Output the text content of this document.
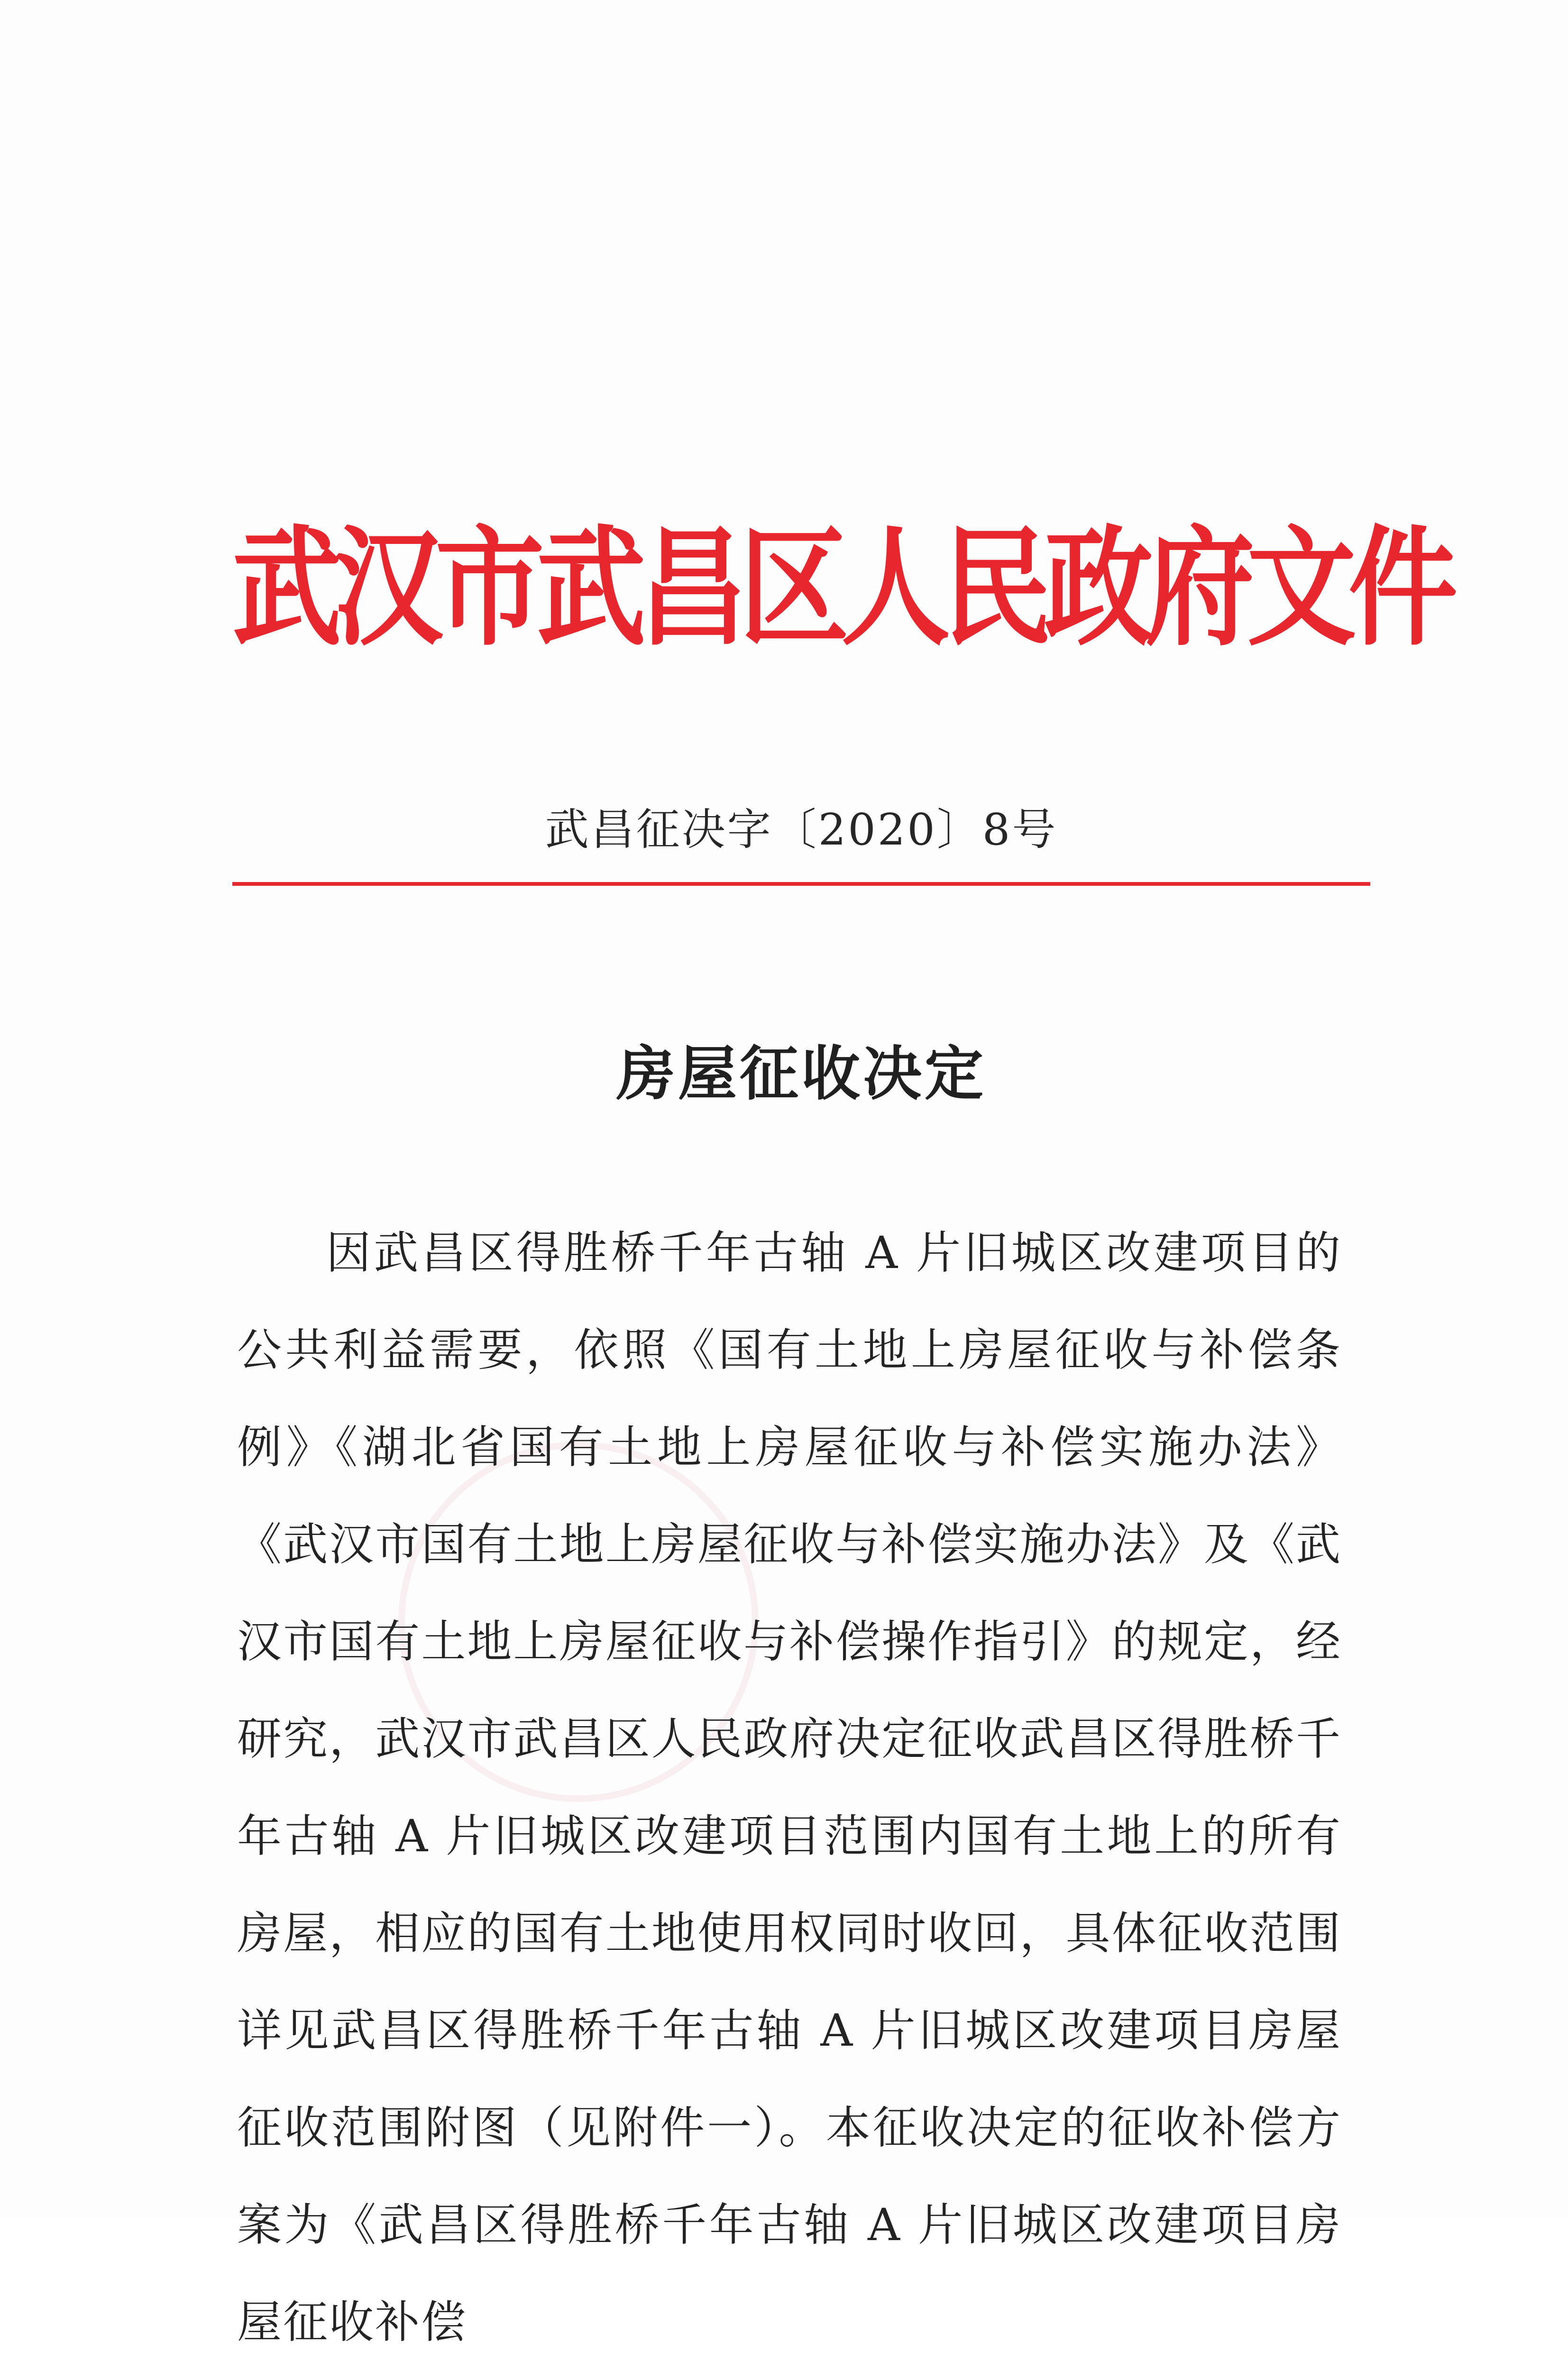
武汉市武昌区人民政府文件
武昌征决字〔2020〕8号
房屋征收决定
因武昌区得胜桥千年古轴 A 片旧城区改建项目的公共利益需要，依照《国有土地上房屋征收与补偿条例》《湖北省国有土地上房屋征收与补偿实施办法》《武汉市国有土地上房屋征收与补偿实施办法》及《武汉市国有土地上房屋征收与补偿操作指引》的规定，经研究，武汉市武昌区人民政府决定征收武昌区得胜桥千年古轴 A 片旧城区改建项目范围内国有土地上的所有房屋，相应的国有土地使用权同时收回，具体征收范围详见武昌区得胜桥千年古轴 A 片旧城区改建项目房屋征收范围附图（见附件一）。本征收决定的征收补偿方案为《武昌区得胜桥千年古轴 A 片旧城区改建项目房屋征收补偿
